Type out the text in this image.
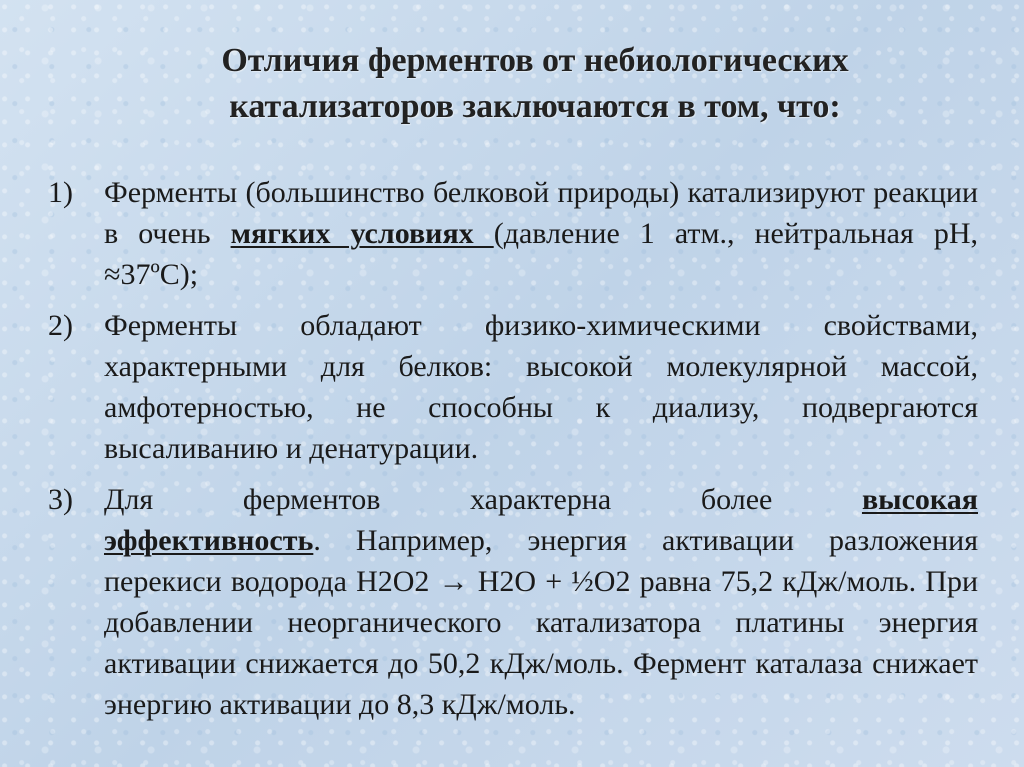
Отличия ферментов от небиологических
катализаторов заключаются в том, что:
1)	Ферменты (большинство белковой природы) катализируют реакции в очень мягких условиях (давление 1 атм., нейтральная pH, ≈37ºC);
2)	Ферменты обладают физико-химическими свойствами, характерными для белков: высокой молекулярной массой, амфотерностью, не способны к диализу, подвергаются высаливанию и денатурации.
3)	Для	ферментов	характерна	более	высокая
эффективность. Например, энергия активации разложения перекиси водорода H2O2 → H2O + ½O2 равна 75,2 кДж/моль. При добавлении неорганического катализатора платины энергия активации снижается до 50,2 кДж/моль. Фермент каталаза снижает энергию активации до 8,3 кДж/моль.
